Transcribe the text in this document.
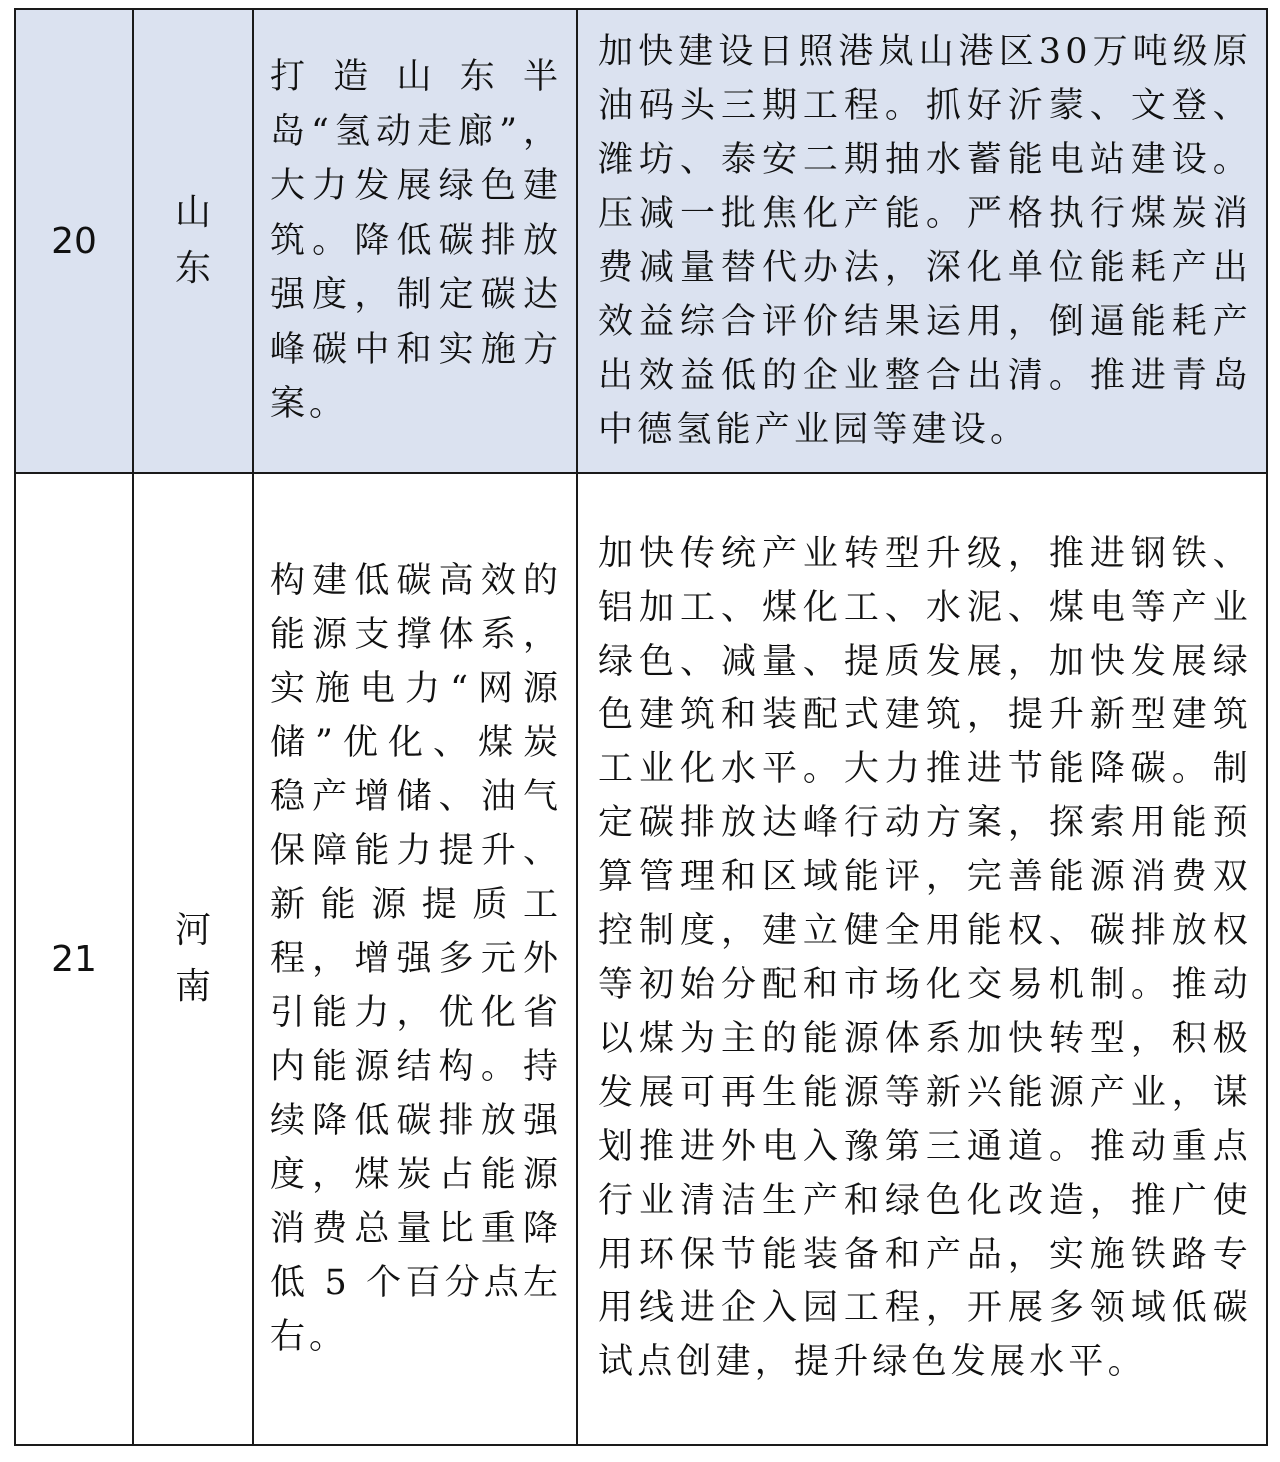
20	山东	打造山东半岛“氢动走廊”，大力发展绿色建筑。降低碳排放强度，制定碳达峰碳中和实施方案。	加快建设日照港岚山港区30万吨级原油码头三期工程。抓好沂蒙、文登、潍坊、泰安二期抽水蓄能电站建设。压减一批焦化产能。严格执行煤炭消费减量替代办法，深化单位能耗产出效益综合评价结果运用，倒逼能耗产出效益低的企业整合出清。推进青岛中德氢能产业园等建设。

21	河南	构建低碳高效的能源支撑体系，实施电力“网源储”优化、煤炭稳产增储、油气保障能力提升、新能源提质工程，增强多元外引能力，优化省内能源结构。持续降低碳排放强度，煤炭占能源消费总量比重降低 5 个百分点左右。	加快传统产业转型升级，推进钢铁、铝加工、煤化工、水泥、煤电等产业绿色、减量、提质发展，加快发展绿色建筑和装配式建筑，提升新型建筑工业化水平。大力推进节能降碳。制定碳排放达峰行动方案，探索用能预算管理和区域能评，完善能源消费双控制度，建立健全用能权、碳排放权等初始分配和市场化交易机制。推动以煤为主的能源体系加快转型，积极发展可再生能源等新兴能源产业，谋划推进外电入豫第三通道。推动重点行业清洁生产和绿色化改造，推广使用环保节能装备和产品，实施铁路专用线进企入园工程，开展多领域低碳试点创建，提升绿色发展水平。
